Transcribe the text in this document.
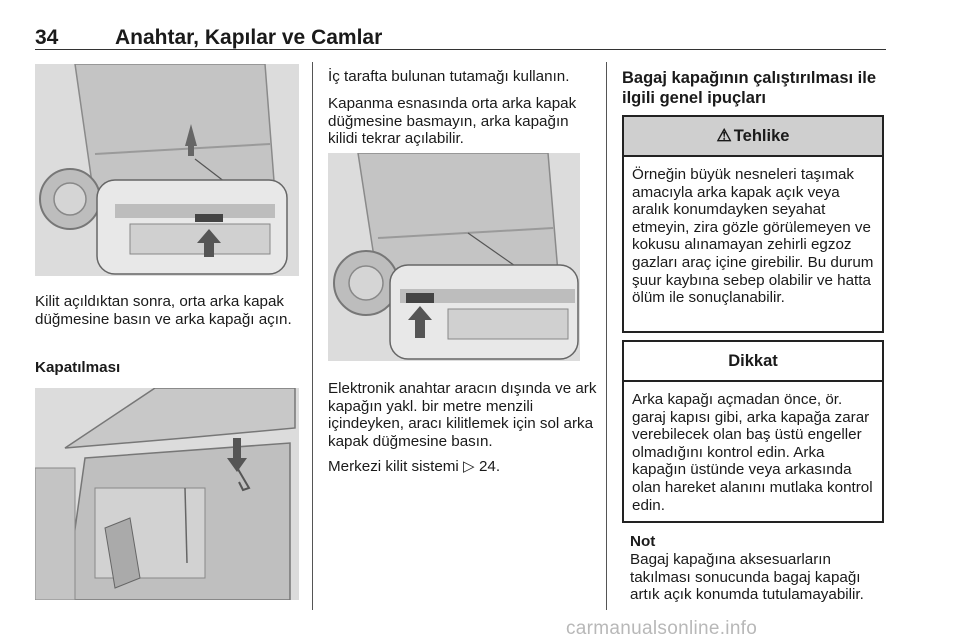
34	Anahtar, Kapılar ve Camlar
Kilit açıldıktan sonra, orta arka kapak düğmesine basın ve arka kapağı açın.
Kapatılması
İç tarafta bulunan tutamağı kullanın.
Kapanma esnasında orta arka kapak düğmesine basmayın, arka kapağın kilidi tekrar açılabilir.
Elektronik anahtar aracın dışında ve ark kapağın yakl. bir metre menzili içindeyken, aracı kilitlemek için sol arka kapak düğmesine basın.
Merkezi kilit sistemi ▷ 24.
Bagaj kapağının çalıştırılması ile ilgili genel ipuçları
⚠ Tehlike
Örneğin büyük nesneleri taşımak amacıyla arka kapak açık veya aralık konumdayken seyahat etmeyin, zira gözle görülemeyen ve kokusu alınamayan zehirli egzoz gazları araç içine girebilir. Bu durum şuur kaybına sebep olabilir ve hatta ölüm ile sonuçlanabilir.
Dikkat
Arka kapağı açmadan önce, ör. garaj kapısı gibi, arka kapağa zarar verebilecek olan baş üstü engeller olmadığını kontrol edin. Arka kapağın üstünde veya arkasında olan hareket alanını mutlaka kontrol edin.
Not
Bagaj kapağına aksesuarların takılması sonucunda bagaj kapağı artık açık konumda tutulamayabilir.
carmanualsonline.info
